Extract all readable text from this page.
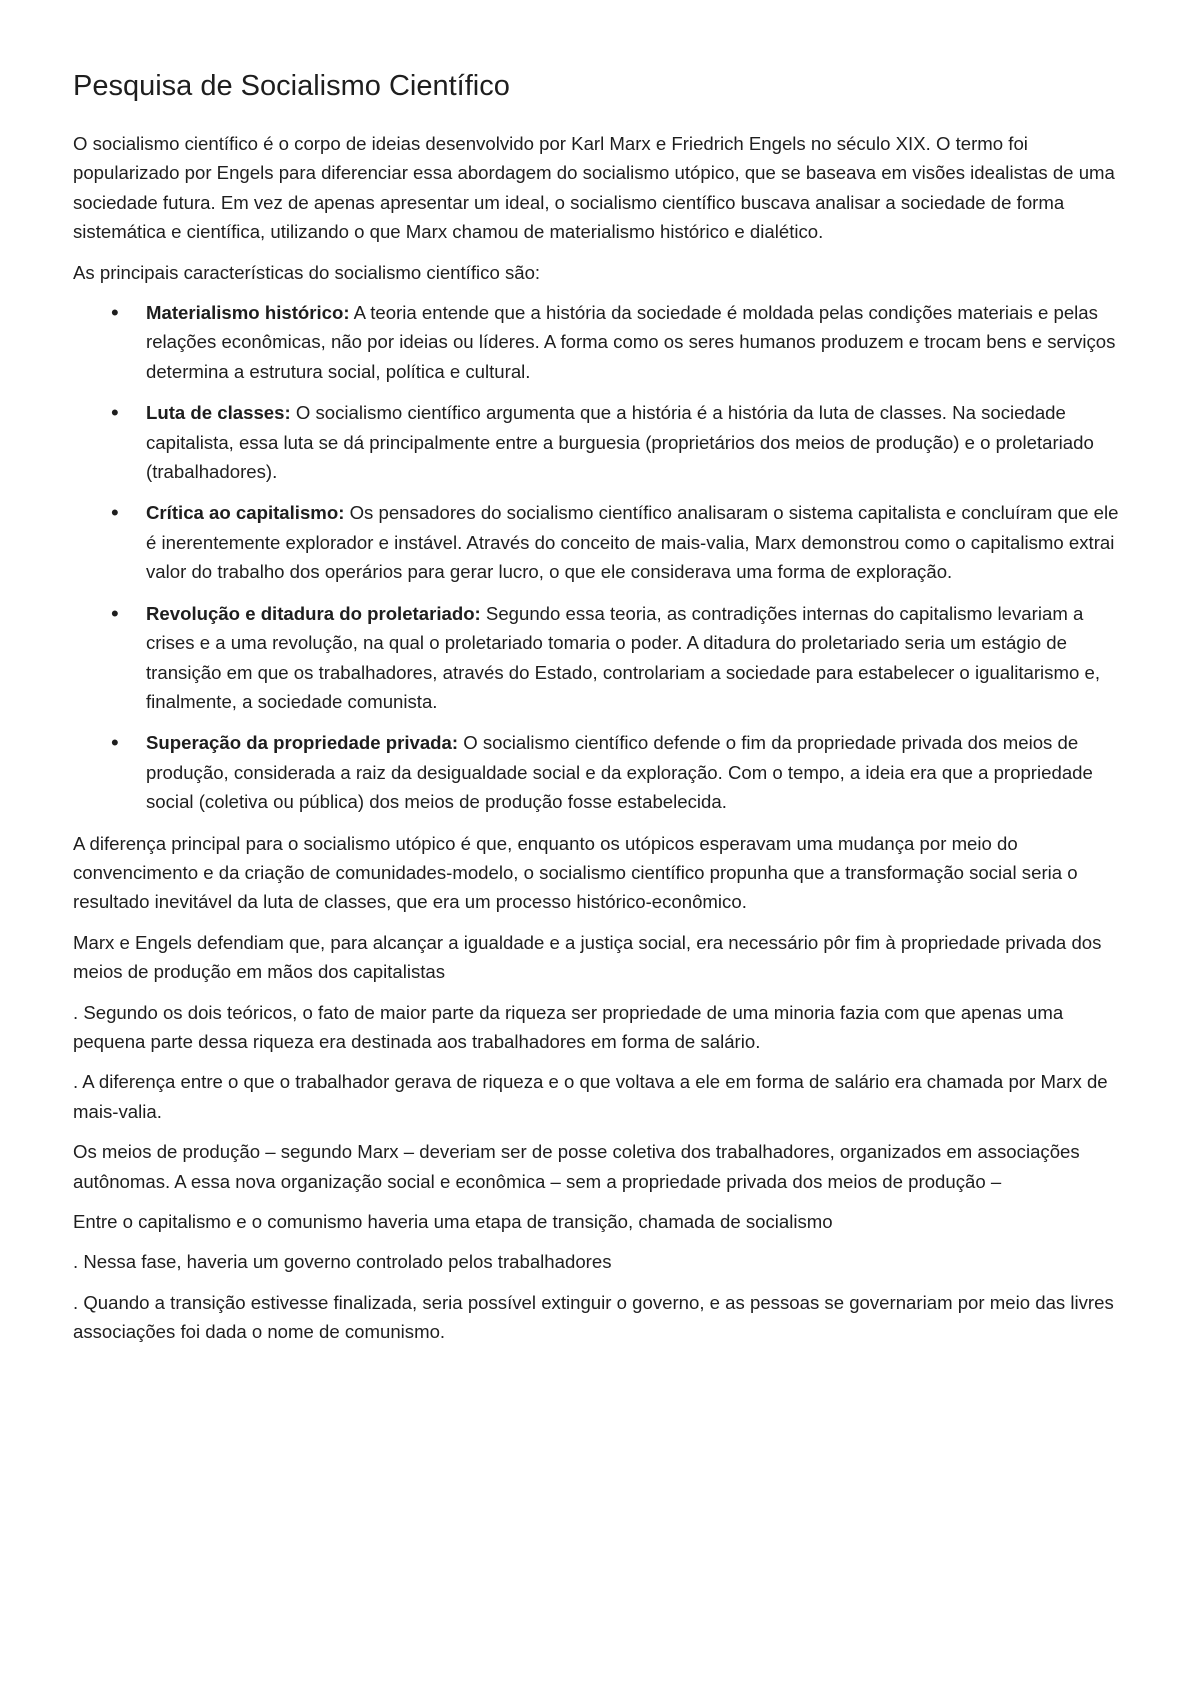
Pesquisa de Socialismo Científico

O socialismo científico é o corpo de ideias desenvolvido por Karl Marx e Friedrich Engels no século XIX. O termo foi popularizado por Engels para diferenciar essa abordagem do socialismo utópico, que se baseava em visões idealistas de uma sociedade futura. Em vez de apenas apresentar um ideal, o socialismo científico buscava analisar a sociedade de forma sistemática e científica, utilizando o que Marx chamou de materialismo histórico e dialético.

As principais características do socialismo científico são:

• Materialismo histórico: A teoria entende que a história da sociedade é moldada pelas condições materiais e pelas relações econômicas, não por ideias ou líderes. A forma como os seres humanos produzem e trocam bens e serviços determina a estrutura social, política e cultural.
• Luta de classes: O socialismo científico argumenta que a história é a história da luta de classes. Na sociedade capitalista, essa luta se dá principalmente entre a burguesia (proprietários dos meios de produção) e o proletariado (trabalhadores).
• Crítica ao capitalismo: Os pensadores do socialismo científico analisaram o sistema capitalista e concluíram que ele é inerentemente explorador e instável. Através do conceito de mais-valia, Marx demonstrou como o capitalismo extrai valor do trabalho dos operários para gerar lucro, o que ele considerava uma forma de exploração.
• Revolução e ditadura do proletariado: Segundo essa teoria, as contradições internas do capitalismo levariam a crises e a uma revolução, na qual o proletariado tomaria o poder. A ditadura do proletariado seria um estágio de transição em que os trabalhadores, através do Estado, controlariam a sociedade para estabelecer o igualitarismo e, finalmente, a sociedade comunista.
• Superação da propriedade privada: O socialismo científico defende o fim da propriedade privada dos meios de produção, considerada a raiz da desigualdade social e da exploração. Com o tempo, a ideia era que a propriedade social (coletiva ou pública) dos meios de produção fosse estabelecida.

A diferença principal para o socialismo utópico é que, enquanto os utópicos esperavam uma mudança por meio do convencimento e da criação de comunidades-modelo, o socialismo científico propunha que a transformação social seria o resultado inevitável da luta de classes, que era um processo histórico-econômico.

Marx e Engels defendiam que, para alcançar a igualdade e a justiça social, era necessário pôr fim à propriedade privada dos meios de produção em mãos dos capitalistas

. Segundo os dois teóricos, o fato de maior parte da riqueza ser propriedade de uma minoria fazia com que apenas uma pequena parte dessa riqueza era destinada aos trabalhadores em forma de salário.

. A diferença entre o que o trabalhador gerava de riqueza e o que voltava a ele em forma de salário era chamada por Marx de mais-valia.

Os meios de produção – segundo Marx – deveriam ser de posse coletiva dos trabalhadores, organizados em associações autônomas. A essa nova organização social e econômica – sem a propriedade privada dos meios de produção –

Entre o capitalismo e o comunismo haveria uma etapa de transição, chamada de socialismo

. Nessa fase, haveria um governo controlado pelos trabalhadores

. Quando a transição estivesse finalizada, seria possível extinguir o governo, e as pessoas se governariam por meio das livres associações foi dada o nome de comunismo.
